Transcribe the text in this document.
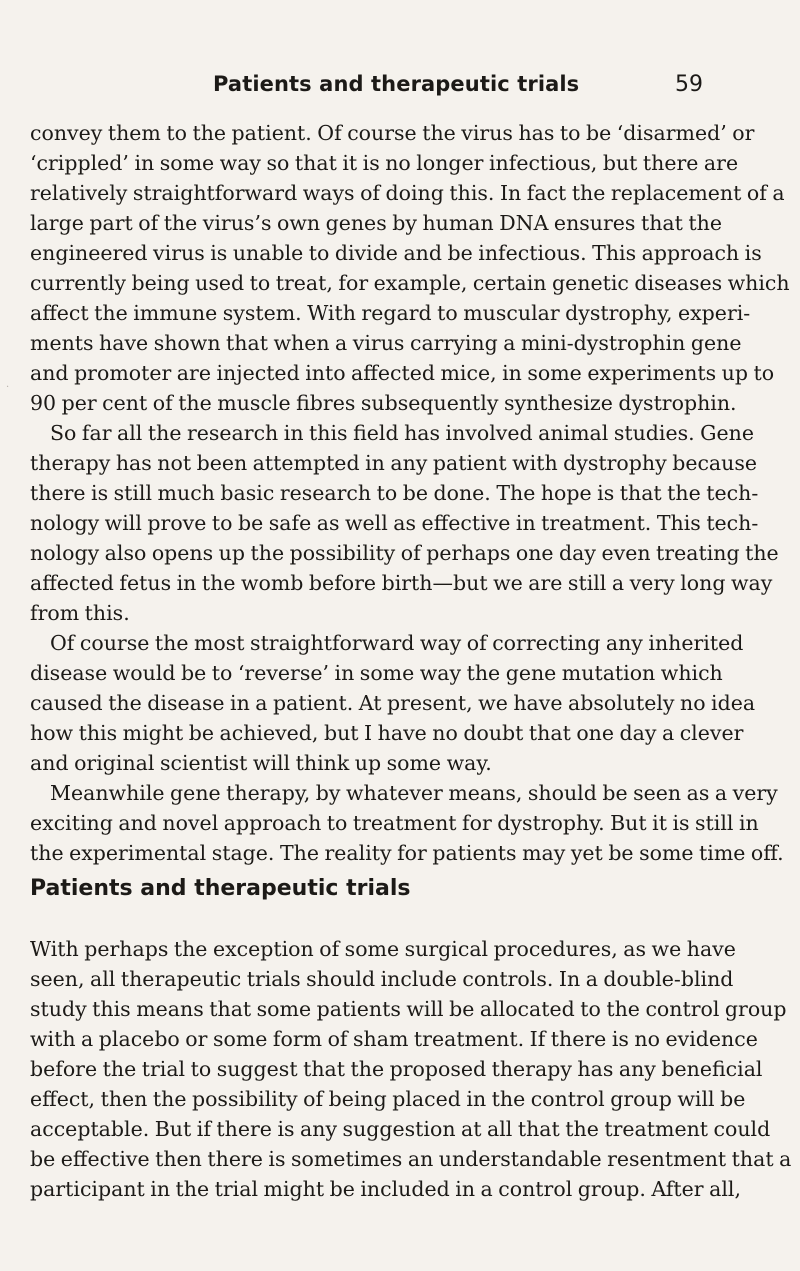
Patients and therapeutic trials	59
·
convey them to the patient. Of course the virus has to be ‘disarmed’ or
‘crippled’ in some way so that it is no longer infectious, but there are
relatively straightforward ways of doing this. In fact the replacement of a
large part of the virus’s own genes by human DNA ensures that the
engineered virus is unable to divide and be infectious. This approach is
currently being used to treat, for example, certain genetic diseases which
affect the immune system. With regard to muscular dystrophy, experi-
ments have shown that when a virus carrying a mini-dystrophin gene
and promoter are injected into affected mice, in some experiments up to
90 per cent of the muscle fibres subsequently synthesize dystrophin.
So far all the research in this field has involved animal studies. Gene
therapy has not been attempted in any patient with dystrophy because
there is still much basic research to be done. The hope is that the tech-
nology will prove to be safe as well as effective in treatment. This tech-
nology also opens up the possibility of perhaps one day even treating the
affected fetus in the womb before birth—but we are still a very long way
from this.
Of course the most straightforward way of correcting any inherited
disease would be to ‘reverse’ in some way the gene mutation which
caused the disease in a patient. At present, we have absolutely no idea
how this might be achieved, but I have no doubt that one day a clever
and original scientist will think up some way.
Meanwhile gene therapy, by whatever means, should be seen as a very
exciting and novel approach to treatment for dystrophy. But it is still in
the experimental stage. The reality for patients may yet be some time off.
Patients and therapeutic trials
With perhaps the exception of some surgical procedures, as we have
seen, all therapeutic trials should include controls. In a double-blind
study this means that some patients will be allocated to the control group
with a placebo or some form of sham treatment. If there is no evidence
before the trial to suggest that the proposed therapy has any beneficial
effect, then the possibility of being placed in the control group will be
acceptable. But if there is any suggestion at all that the treatment could
be effective then there is sometimes an understandable resentment that a
participant in the trial might be included in a control group. After all,
